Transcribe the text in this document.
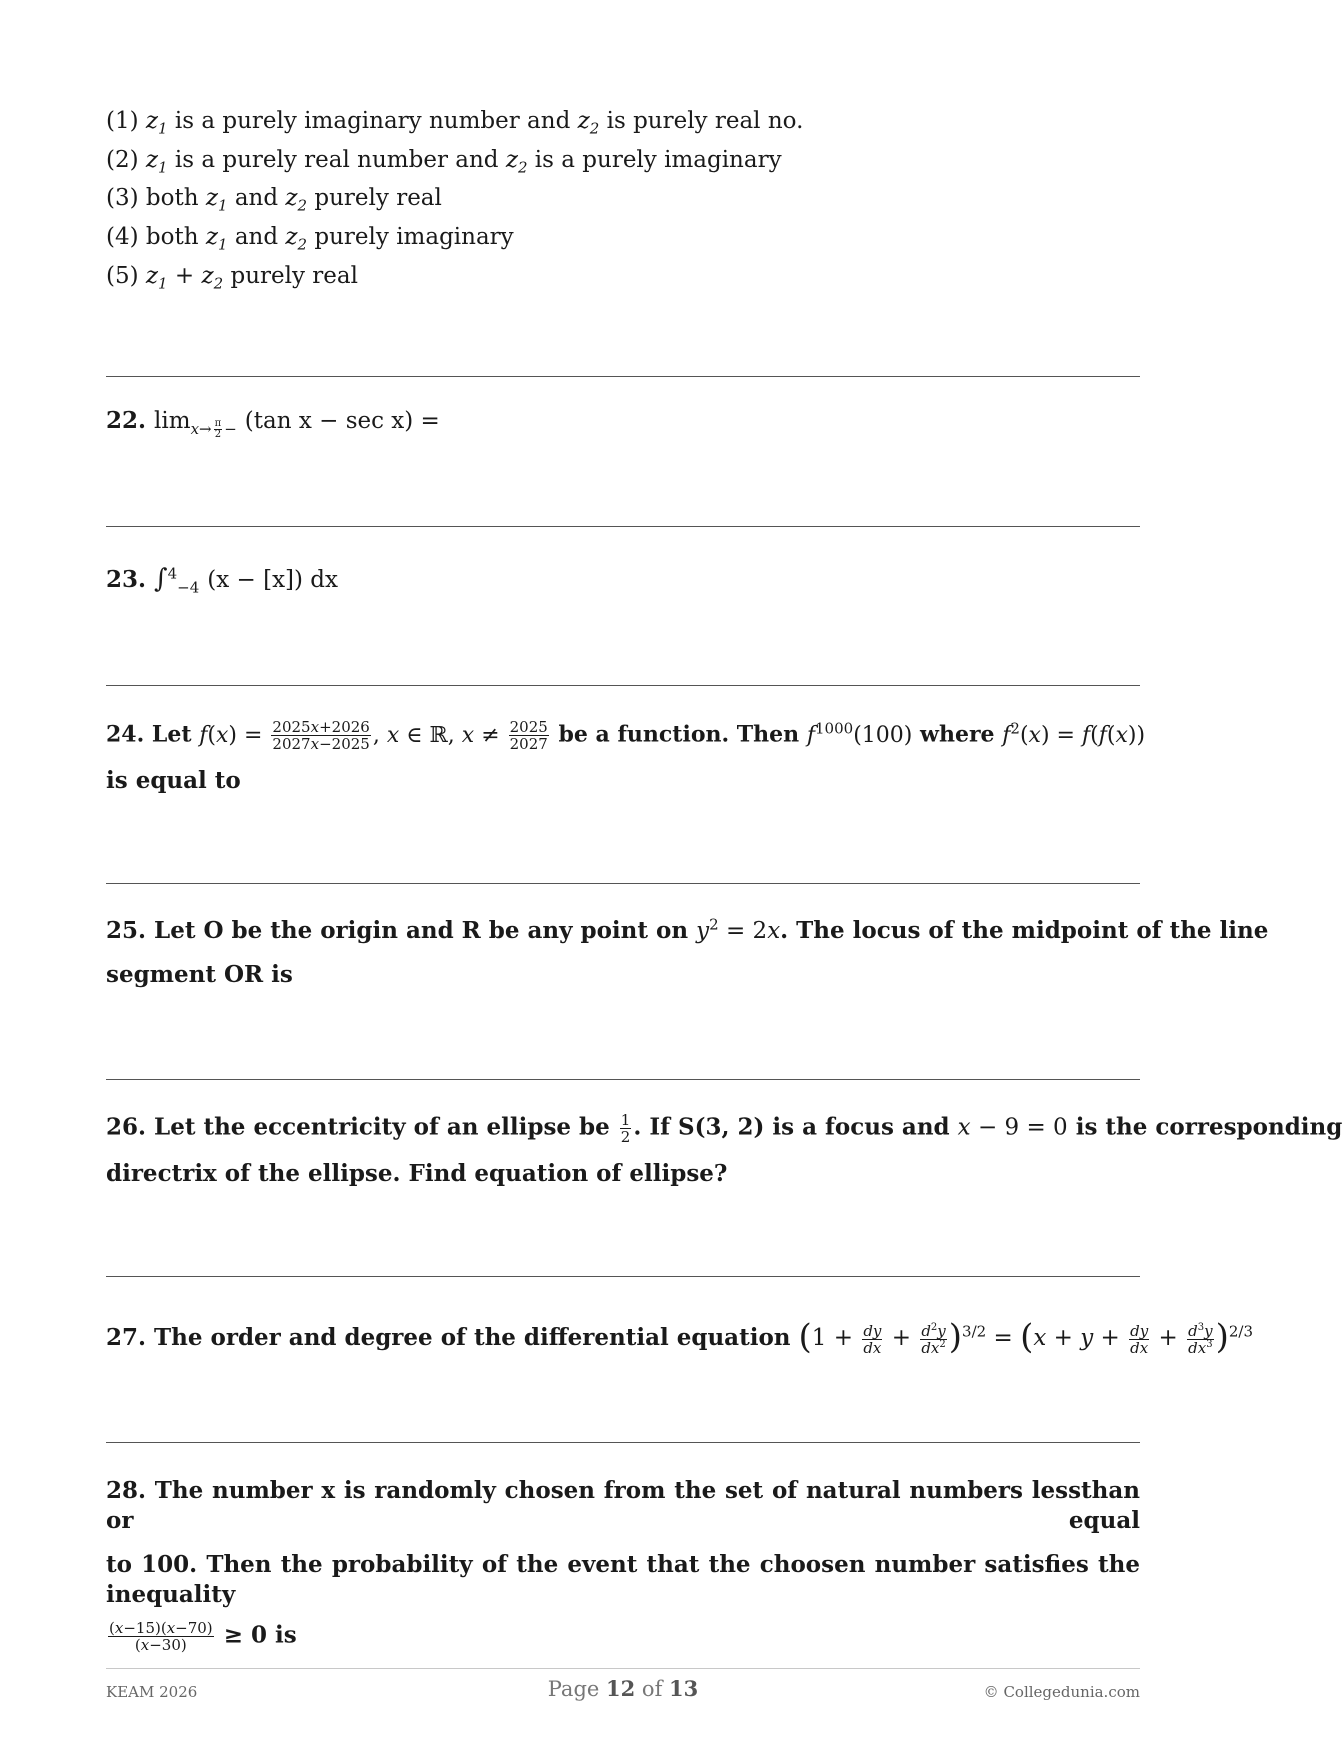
(1) $z_1$ is a purely imaginary number and $z_2$ is purely real no.
(2) $z_1$ is a purely real number and $z_2$ is a purely imaginary
(3) both $z_1$ and $z_2$ purely real
(4) both $z_1$ and $z_2$ purely imaginary
(5) $z_1 + z_2$ purely real
22. $\lim_{x\to \frac{\pi}{2} -} (\tan$ x − sec x) =
23. ∫$^4_{-4}$ (x − [x]) dx
24. Let $f(x) = \frac{2025x+2026}{2027x-2025}$ , x ∈ ℝ, $x \ne \frac{2025}{2027}$ be a function. Then $f^{1000}(100)$ where $f^2(x) = f(f(x))$
is equal to
25. Let O be the origin and R be any point on $y^2 = 2x$. The locus of the midpoint of the line
segment OR is
26. Let the eccentricity of an ellipse be $\frac{1}{2}$ . If S(3, 2) is a focus and x − 9 = 0 is the corresponding
directrix of the ellipse. Find equation of ellipse?
27. The order and degree of the differential equation $(1 + \frac{dy}{dx} + \frac{d^2y}{dx^2} )^{3/2} = (x + y + \frac{dy}{dx} + \frac{d^3y}{dx^3} )^{2/3}$
28. The number x is randomly chosen from the set of natural numbers lessthan or equal
to 100. Then the probability of the event that the choosen number satisfies the inequality
$\frac{(x-15)(x-70)}{(x-30)} \ge 0$ is
KEAM 2026	Page 12 of 13	© Collegedunia.com
